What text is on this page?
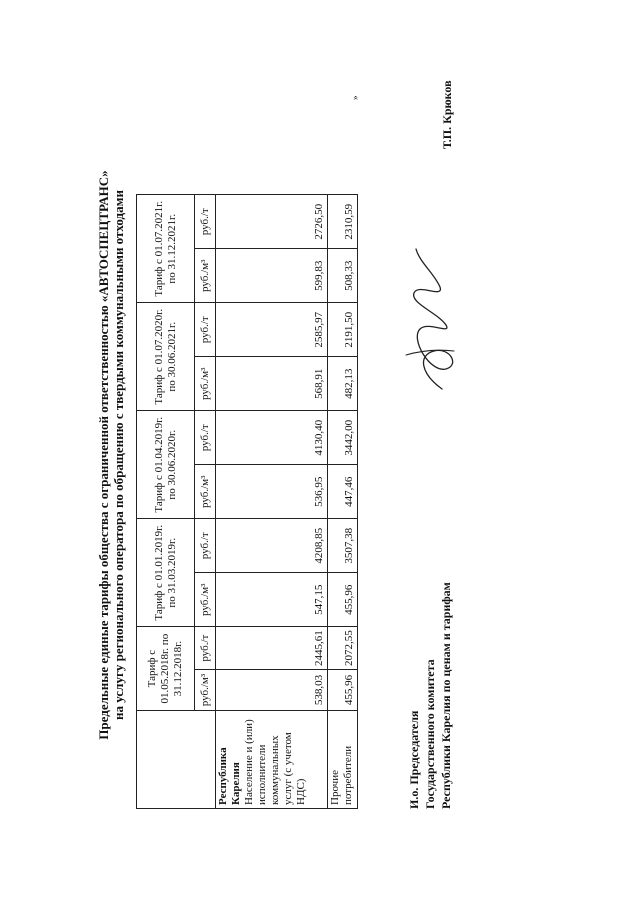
Предельные единые тарифы общества с ограниченной ответственностью «АВТОСПЕЦТРАНС» на услугу регионального оператора по обращению с твердыми коммунальными отходами
	Тариф с 01.05.2018г. по 31.12.2018г.		Тариф с 01.01.2019г. по 31.03.2019г.		Тариф с 01.04.2019г. по 30.06.2020г.		Тариф с 01.07.2020г. по 30.06.2021г.		Тариф с 01.07.2021г. по 31.12.2021г.	
	руб./м³	руб./т	руб./м³	руб./т	руб./м³	руб./т	руб./м³	руб./т	руб./м³	руб./т

Республика Карелия Население и (или) исполнители коммунальных услуг (с учетом НДС)	538,03	2445,61	547,15	4208,85	536,95	4130,40	568,91	2585,97	599,83	2726,50
Прочие потребители	455,96	2072,55	455,96	3507,38	447,46	3442,00	482,13	2191,50	508,33	2310,59
И.о. Председателя Государственного комитета Республики Карелия по ценам и тарифам
Т.П. Крюков
»
